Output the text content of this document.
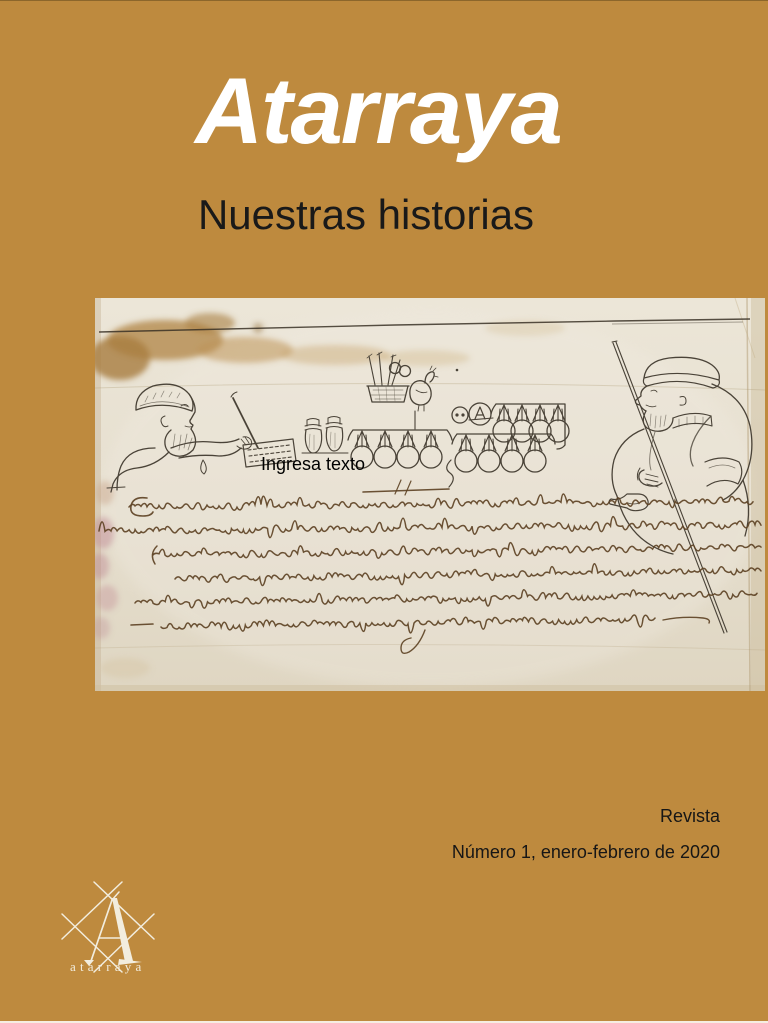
Atarraya
Nuestras historias
Ingresa texto
Revista
Número 1, enero-febrero de 2020
atarraya
